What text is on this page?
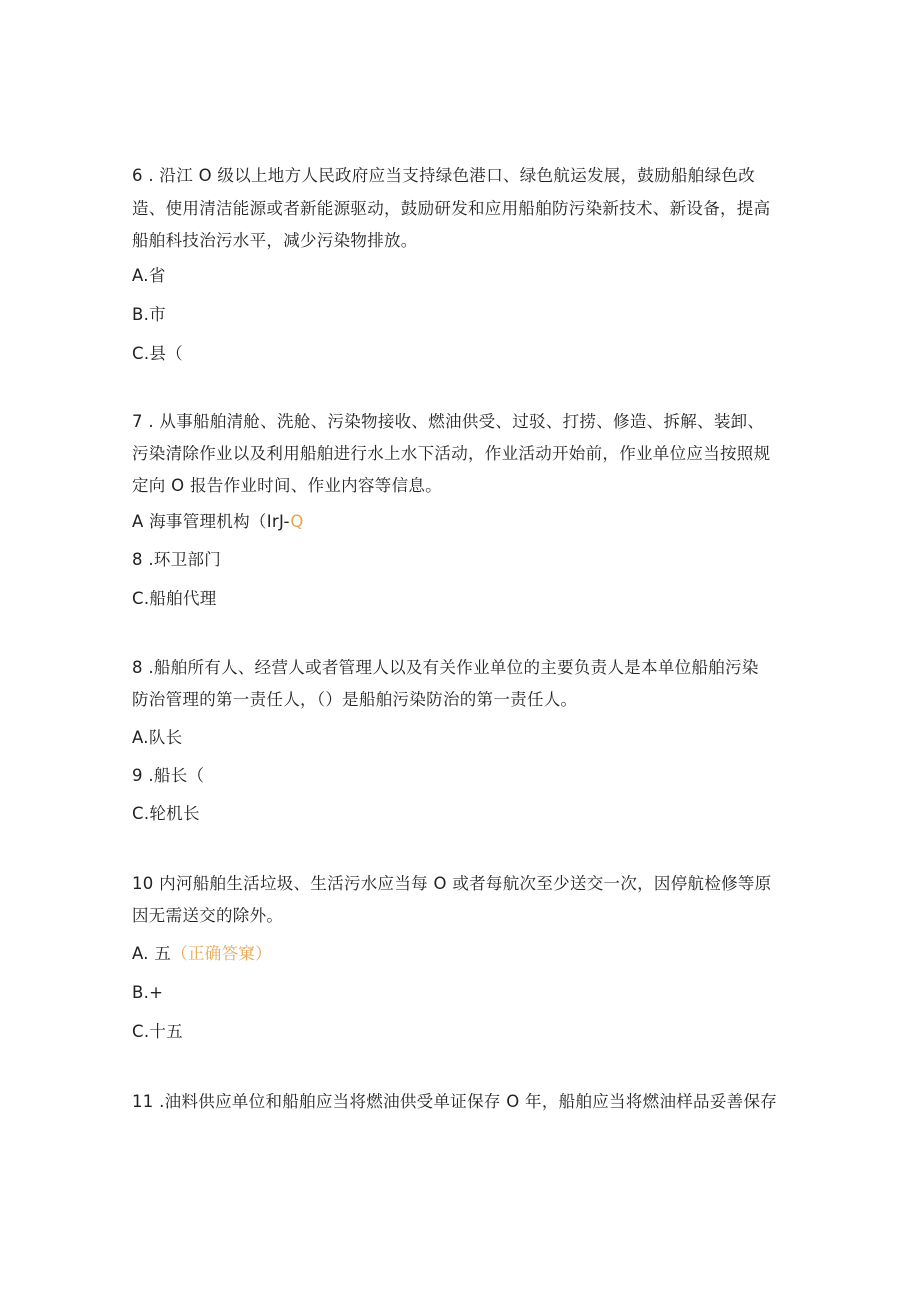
6 . 沿江 O 级以上地方人民政府应当支持绿色港口、绿色航运发展，鼓励船舶绿色改
造、使用清洁能源或者新能源驱动，鼓励研发和应用船舶防污染新技术、新设备，提高
船舶科技治污水平，减少污染物排放。
A.省
B.市
C.县（
7 . 从事船舶清舱、洗舱、污染物接收、燃油供受、过驳、打捞、修造、拆解、装卸、
污染清除作业以及利用船舶进行水上水下活动，作业活动开始前，作业单位应当按照规
定向 O 报告作业时间、作业内容等信息。
A 海事管理机构（IrJ-Q
8 .环卫部门
C.船舶代理
8 .船舶所有人、经营人或者管理人以及有关作业单位的主要负责人是本单位船舶污染
防治管理的第一责任人，（）是船舶污染防治的第一责任人。
A.队长
9 .船长（
C.轮机长
10 内河船舶生活垃圾、生活污水应当每 O 或者每航次至少送交一次，因停航检修等原
因无需送交的除外。
A. 五（正确答窠）
B.+
C.十五
11 .油料供应单位和船舶应当将燃油供受单证保存 O 年，船舶应当将燃油样品妥善保存
